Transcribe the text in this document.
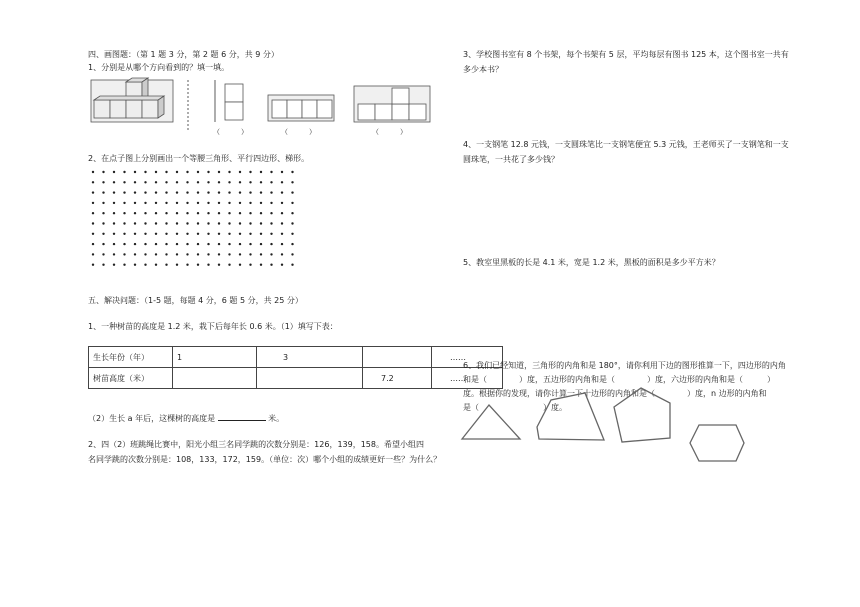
四、画图题：（第 1 题 3 分，第 2 题 6 分，共 9 分）
1、分别是从哪个方向看到的？填一填。
（　　　）	（　　　）	（　　　）
2、在点子图上分别画出一个等腰三角形、平行四边形、梯形。
五、解决问题：（1-5 题，每题 4 分，6 题 5 分，共 25 分）
1、一种树苗的高度是 1.2 米，栽下后每年长 0.6 米。（1）填写下表：
生长年份（年）	1	3		……
树苗高度（米）			7.2	……
（2）生长 a 年后，这棵树的高度是	米。
2、四（2）班跳绳比赛中，阳光小组三名同学跳的次数分别是：126，139，158。希望小组四
名同学跳的次数分别是：108，133，172，159。（单位：次）哪个小组的成绩更好一些？为什么？
3、学校图书室有 8 个书架，每个书架有 5 层，平均每层有图书 125 本，这个图书室一共有
多少本书？
4、一支钢笔 12.8 元钱，一支圆珠笔比一支钢笔便宜 5.3 元钱，王老师买了一支钢笔和一支
圆珠笔，一共花了多少钱？
5、教室里黑板的长是 4.1 米，宽是 1.2 米，黑板的面积是多少平方米？
6、我们已经知道，三角形的内角和是 180°，请你利用下边的图形推算一下，四边形的内角
和是（　　　　）度，五边形的内角和是（　　　　）度，六边形的内角和是（　　　）
度。根据你的发现，请你计算一下十边形的内角和是（　　　　）度，n 边形的内角和
是（　　　　　　　　）度。
